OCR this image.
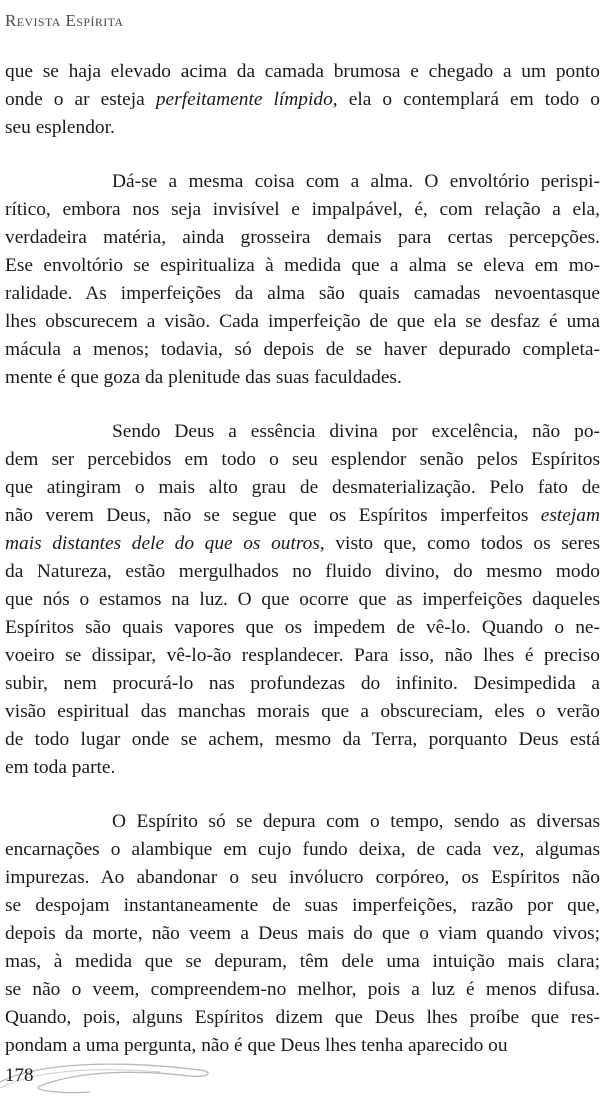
Revista Espírita
que se haja elevado acima da camada brumosa e chegado a um ponto
onde o ar esteja perfeitamente límpido, ela o contemplará em todo o
seu esplendor.
Dá-se a mesma coisa com a alma. O envoltório perispi-
rítico, embora nos seja invisível e impalpável, é, com relação a ela,
verdadeira matéria, ainda grosseira demais para certas percepções.
Ese envoltório se espiritualiza à medida que a alma se eleva em mo-
ralidade. As imperfeições da alma são quais camadas nevoentasque
lhes obscurecem a visão. Cada imperfeição de que ela se desfaz é uma
mácula a menos; todavia, só depois de se haver depurado completa-
mente é que goza da plenitude das suas faculdades.
Sendo Deus a essência divina por excelência, não po-
dem ser percebidos em todo o seu esplendor senão pelos Espíritos
que atingiram o mais alto grau de desmaterialização. Pelo fato de
não verem Deus, não se segue que os Espíritos imperfeitos estejam
mais distantes dele do que os outros, visto que, como todos os seres
da Natureza, estão mergulhados no fluido divino, do mesmo modo
que nós o estamos na luz. O que ocorre que as imperfeições daqueles
Espíritos são quais vapores que os impedem de vê-lo. Quando o ne-
voeiro se dissipar, vê-lo-ão resplandecer. Para isso, não lhes é preciso
subir, nem procurá-lo nas profundezas do infinito. Desimpedida a
visão espiritual das manchas morais que a obscureciam, eles o verão
de todo lugar onde se achem, mesmo da Terra, porquanto Deus está
em toda parte.
O Espírito só se depura com o tempo, sendo as diversas
encarnações o alambique em cujo fundo deixa, de cada vez, algumas
impurezas. Ao abandonar o seu invólucro corpóreo, os Espíritos não
se despojam instantaneamente de suas imperfeições, razão por que,
depois da morte, não veem a Deus mais do que o viam quando vivos;
mas, à medida que se depuram, têm dele uma intuição mais clara;
se não o veem, compreendem-no melhor, pois a luz é menos difusa.
Quando, pois, alguns Espíritos dizem que Deus lhes proíbe que res-
pondam a uma pergunta, não é que Deus lhes tenha aparecido ou
178
